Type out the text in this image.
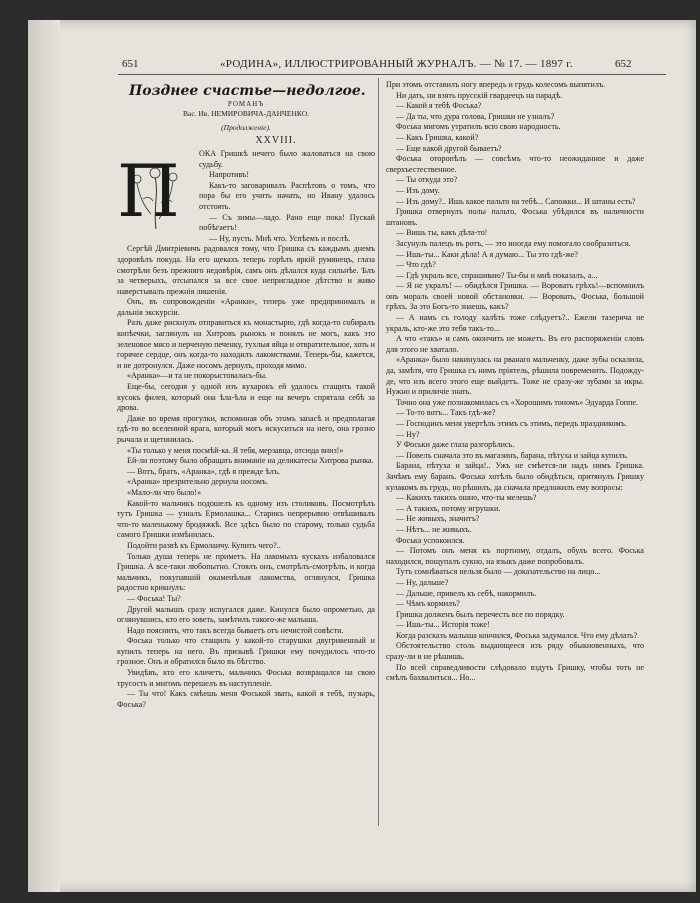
651	«РОДИНА», ИЛЛЮСТРИРОВАННЫЙ ЖУРНАЛЪ. — № 17. — 1897 г.	652
Позднее счастье—недолгое.
РОМАНЪ
Вас. Ив. НЕМИРОВИЧА-ДАНЧЕНКО.
(Продолженіе).
XXVIII.
П	ОКА Гришкѣ нечего было жаловаться на свою судьбу.

Напротивъ!

Какъ-то заговаривалъ Распѣтовъ о томъ, что пора бы его учить начать, но Ивану удалось отстоять.

— Съ зимы—ладо. Рано еще пока! Пускай побѣгаетъ!

— Ну, пусть. Мнѣ что. Успѣемъ и послѣ.

Сергѣй Дмитріевичъ радовался тому, что Гришка съ каждымъ днемъ здоровѣлъ покуда. На его щекахъ теперь горѣлъ яркій румянецъ, глаза смотрѣли безъ прежняго недовѣрія, самъ онъ дѣлался куда сильнѣе. Ѣлъ за четверыхъ, отсыпался за все свое непригладное дѣтство и живо наверстывалъ прежнія лишенія.

Онъ, въ сопровожденіи «Аранки», теперь уже предпринималъ и дальнія экскурсіи.

Разъ даже рискнулъ отправиться къ монастырю, гдѣ когда-то собиралъ копѣечки, заглянулъ на Хитровъ рынокъ и понялъ не могъ, какъ это зеленовое мясо и перченую печенку, тухлыя яйца и отвратительное, хоть и горячее сердце, онъ когда-то находилъ лакомствами. Теперь-бы, кажется, и не дотронулся. Даже носомъ дернулъ, проходя мимо.

«Аранка»—и та не покорыстовалась-бы.

Еще-бы, сегодня у одной изъ кухарокъ ей удалось стащить такой кусокъ филея, который она ѣла-ѣла и еще на вечеръ спрятала себѣ за дрова.

Даже во время прогулки, вспоминая объ этомъ запасѣ и предполагая гдѣ-то во вселенной врага, который могъ искуситься на него, она грозно рычала и щетинилась.

«Ты только у меня посмѣй-ка. Я тебя, мерзавца, отсюда вниз!»

Ей-ли поэтому было обращать вниманіе на деликатесы Хитрова рынка.

— Вотъ, братъ, «Аранка», гдѣ я прежде ѣлъ.

«Аранка» презрительно дернула носомъ.

«Мало-ли что было!»

Какой-то мальчикъ подошелъ къ одному изъ столиковъ. Посмотрѣлъ тутъ Гришка — узналъ Ермолашка... Старикъ непрерывно отвѣшивалъ что-то маленькому бродяжкѣ. Все здѣсь было по старому, только судьба самого Гришки измѣнилась.

Подойти развѣ къ Ермолаичу. Купить чего?..

Только душа теперь не приметъ. На лакомыхъ кускахъ избаловался Гришка. А все-таки любопытно. Стоялъ онъ, смотрѣлъ-смотрѣлъ, и когда мальчикъ, покупавшій окаменѣлыя лакомства, оглянулся, Гришка радостно крикнулъ:

— Фоська! Ты?

Другой малышъ сразу испугался даже. Кинулся было опрометью, да оглянувшись, кто его зоветь, замѣтилъ такого-же малыша.

Надо пояснить, что такъ всегда бываетъ отъ нечистой совѣсти.

Фоська только что стащилъ у какой-то старушки двугривенный и купилъ теперь на него. Въ призывѣ Гришки ему почудилось что-то грозное. Онъ и обратился было въ бѣгство.

Увидѣвъ, кто его кличетъ, мальчикъ Фоська возвращался на свою трусость и мигомъ перешелъ въ наступленіе.

— Ты что! Какъ смѣешь меня Фоськой звать, какой я тебѣ, пузырь, Фоська?

При этомъ отставилъ ногу впередъ и грудь колесомъ выпятилъ.

Ни дать, ни взять прусскій гвардеецъ на парадѣ.

— Какой я тебѣ Фоська?

— Да ты, что дура голова, Гришки не узналъ?

Фоська мигомъ утратилъ всю свою народность.

— Какъ Гришка, какой?

— Еще какой другой бываетъ?

Фоська оторопѣлъ — совсѣмъ что-то неожиданное и даже сверхъестественное.

— Ты откуда это?

— Изъ дому.

— Изъ дому?.. Ишь какое пальто на тебѣ... Сапожки... И штаны есть?

Гришка отвернулъ полы пальто, Фоська убѣдился въ наличности штановъ.

— Вишь ты, какъ дѣла-то!

Засунулъ палецъ въ ротъ, — это иногда ему помогало сообразиться.

— Ишь-ты... Каки дѣла! А я думаю... Ты это гдѣ-же?

— Что гдѣ?

— Гдѣ украль все, спрашиваю? Ты-бы и мнѣ показалъ, а...

— Я не укралъ! — обидѣлся Гришка. — Воровать грѣхъ!—вспомнилъ онъ мораль своей новой обстановки. — Воровать, Фоська, большой грѣхъ. За это Богъ-то знаешь, какъ?

— А намъ съ голоду халѣть тоже слѣдуетъ?.. Ежели тазерича не украль, кто-же это тебя такъ-то...

А что «такъ» и самъ окончить не можетъ. Въ его распоряженіи словъ для этого не хватало.

«Аранка» было накинулась на рванаго мальченку, даже зубы оскалила, да, замѣтя, что Гришка съ нимъ пріятель, рѣшила повременить. Подожду-де, что изъ всего этого еще выйдетъ. Тоже не сразу-же зубами за икры. Нужно и приличіе знать.

Точно она уже познакомилась съ «Хорошимъ тономъ» Эдуарда Гоппе.

— То-то вотъ... Такъ гдѣ-же?

— Господинъ меня увертѣлъ этимъ съ этимъ, передъ праздникомъ.

— Ну?

У Фоськи даже глаза разгорѣлись.

— Повелъ сначала это въ магазинъ, барана, пѣтуха и зайца купилъ.

Барана, пѣтуха и зайца!.. Ужъ не смѣется-ли надъ нимъ Гришка. Зачѣмъ ему баранъ. Фоська хотѣлъ было обидѣться, притянулъ Гришку кулакомъ въ грудь, но рѣшилъ, да сначала предложилъ ему вопросы:

— Какихъ такихъ ошно, что-ты мелешь?

— А такихъ, потому игрушки.

— Не живыхъ, значитъ?

— Нѣтъ... не живыхъ.

Фоська успокоился.

— Потомъ онъ меня къ портному, отдалъ, обулъ всего. Фоська находился, пощупалъ сукно, на языкъ даже попробовалъ.

Тутъ сомнѣваться нельзя было — доказательство на лицо...

— Ну, дальше?

— Дальше, привелъ къ себѣ, накормилъ.

— Чѣмъ кормилъ?

Гришка долженъ былъ перечесть все по порядку.

— Ишь-ты... Исторія тоже!

Когда разсказъ малыша кончился, Фоська задумался. Что ему дѣлать?

Обстоятельство столь выдающееся изъ ряду обыкновенныхъ, что сразу-ли и не рѣшишь.

По всей справедливости слѣдовало вздуть Гришку, чтобы тотъ не смѣлъ бахвалиться... Но...
